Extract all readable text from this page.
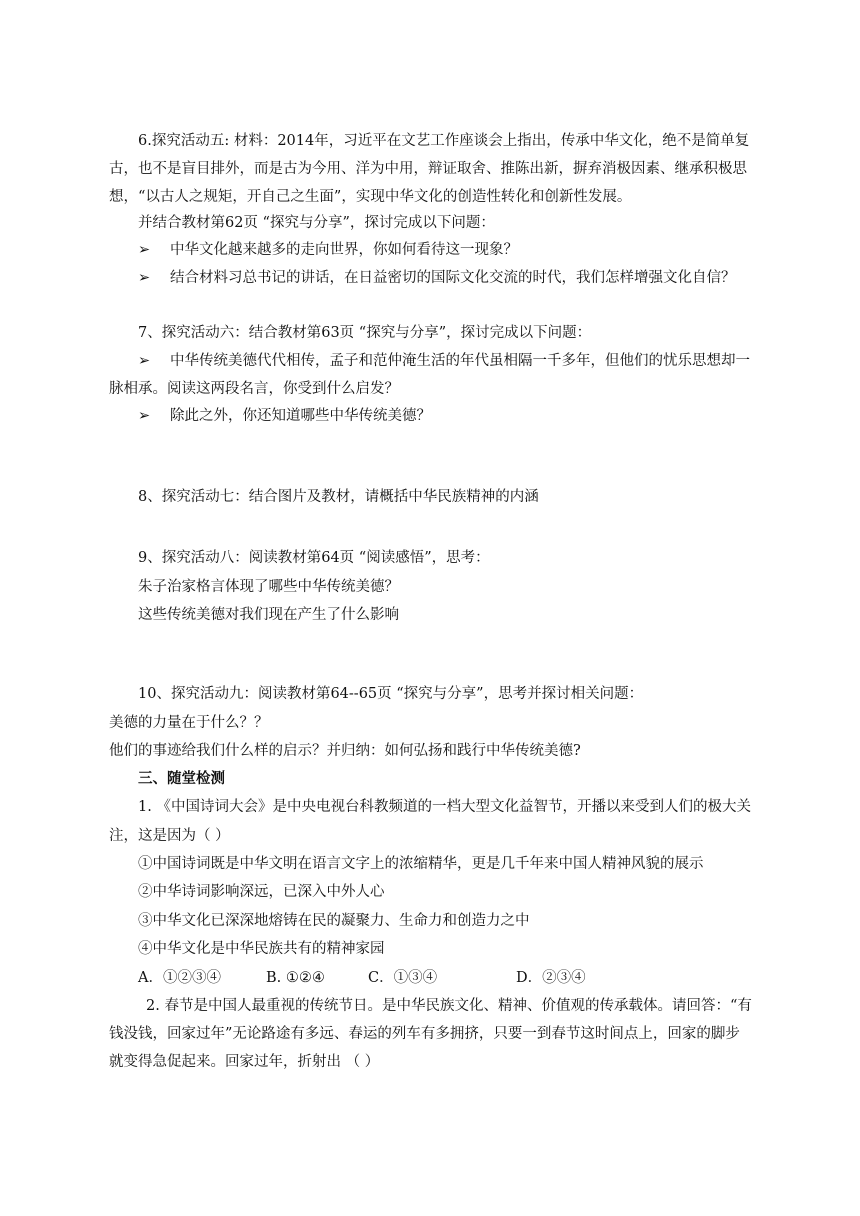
6.探究活动五: 材料：2014年，习近平在文艺工作座谈会上指出，传承中华文化，绝不是简单复
古，也不是盲目排外，而是古为今用、洋为中用，辩证取舍、推陈出新，摒弃消极因素、继承积极思
想，“以古人之规矩，开自己之生面”，实现中华文化的创造性转化和创新性发展。
并结合教材第62页 “探究与分享”，探讨完成以下问题：
➢ 中华文化越来越多的走向世界，你如何看待这一现象？
➢ 结合材料习总书记的讲话，在日益密切的国际文化交流的时代，我们怎样增强文化自信？
7、探究活动六：结合教材第63页 “探究与分享”，探讨完成以下问题：
➢ 中华传统美德代代相传，孟子和范仲淹生活的年代虽相隔一千多年，但他们的忧乐思想却一
脉相承。阅读这两段名言，你受到什么启发？
➢ 除此之外，你还知道哪些中华传统美德？
8、探究活动七：结合图片及教材，请概括中华民族精神的内涵
9、探究活动八：阅读教材第64页 “阅读感悟”，思考：
朱子治家格言体现了哪些中华传统美德？
这些传统美德对我们现在产生了什么影响
10、探究活动九：阅读教材第64--65页 “探究与分享”，思考并探讨相关问题：
美德的力量在于什么？？
他们的事迹给我们什么样的启示？并归纳：如何弘扬和践行中华传统美德?
三、随堂检测
1. 《中国诗词大会》是中央电视台科教频道的一档大型文化益智节，开播以来受到人们的极大关
注，这是因为（ ）
①中国诗词既是中华文明在语言文字上的浓缩精华，更是几千年来中国人精神风貌的展示
②中华诗词影响深远，已深入中外人心
③中华文化已深深地熔铸在民的凝聚力、生命力和创造力之中
④中华文化是中华民族共有的精神家园
A．①②③④	B. ①②④	C．①③④	D．②③④
2. 春节是中国人最重视的传统节日。是中华民族文化、精神、价值观的传承载体。请回答：“有
钱没钱，回家过年”无论路途有多远、春运的列车有多拥挤，只要一到春节这时间点上，回家的脚步
就变得急促起来。回家过年，折射出 （ ）
